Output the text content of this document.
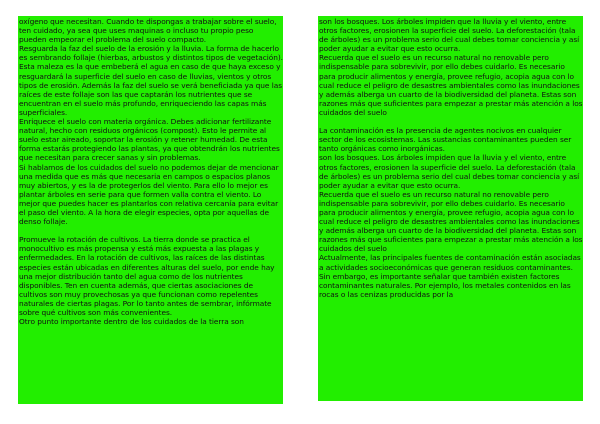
oxígeno que necesitan. Cuando te dispongas a trabajar sobre el suelo, ten cuidado, ya sea que uses maquinas o incluso tu propio peso pueden empeorar el problema del suelo compacto.

Resguarda la faz del suelo de la erosión y la lluvia. La forma de hacerlo es sembrando follaje (hierbas, arbustos y distintos tipos de vegetación). Esta maleza es la que embeberá el agua en caso de que haya exceso y resguardará la superficie del suelo en caso de lluvias, vientos y otros tipos de erosión. Además la faz del suelo se verá beneficiada ya que las raíces de este follaje son las que captarán los nutrientes que se encuentran en el suelo más profundo, enriqueciendo las capas más superficiales.

Enriquece el suelo con materia orgánica. Debes adicionar fertilizante natural, hecho con residuos orgánicos (compost). Esto le permite al suelo estar aireado, soportar la erosión y retener humedad. De esta forma estarás protegiendo las plantas, ya que obtendrán los nutrientes que necesitan para crecer sanas y sin problemas.

Si hablamos de los cuidados del suelo no podemos dejar de mencionar una medida que es más que necesaria en campos o espacios planos muy abiertos, y es la de protegerlos del viento. Para ello lo mejor es plantar árboles en serie para que formen valla contra el viento. Lo mejor que puedes hacer es plantarlos con relativa cercanía para evitar el paso del viento. A la hora de elegir especies, opta por aquellas de denso follaje.

Promueve la rotación de cultivos. La tierra donde se practica el monocultivo es más propensa y está más expuesta a las plagas y enfermedades. En la rotación de cultivos, las raíces de las distintas especies están ubicadas en diferentes alturas del suelo, por ende hay una mejor distribución tanto del agua como de los nutrientes disponibles. Ten en cuenta además, que ciertas asociaciones de cultivos son muy provechosas ya que funcionan como repelentes naturales de ciertas plagas. Por lo tanto antes de sembrar, infórmate sobre qué cultivos son más convenientes.

Otro punto importante dentro de los cuidados de la tierra son

son los bosques. Los árboles impiden que la lluvia y el viento, entre otros factores, erosionen la superficie del suelo. La deforestación (tala de árboles) es un problema serio del cual debes tomar conciencia y así poder ayudar a evitar que esto ocurra.

Recuerda que el suelo es un recurso natural no renovable pero indispensable para sobrevivir, por ello debes cuidarlo. Es necesario para producir alimentos y energía, provee refugio, acopia agua con lo cual reduce el peligro de desastres ambientales como las inundaciones y además alberga un cuarto de la biodiversidad del planeta. Estas son razones más que suficientes para empezar a prestar más atención a los cuidados del suelo

La contaminación es la presencia de agentes nocivos en cualquier sector de los ecosistemas. Las sustancias contaminantes pueden ser tanto orgánicas como inorgánicas.

son los bosques. Los árboles impiden que la lluvia y el viento, entre otros factores, erosionen la superficie del suelo. La deforestación (tala de árboles) es un problema serio del cual debes tomar conciencia y así poder ayudar a evitar que esto ocurra.

Recuerda que el suelo es un recurso natural no renovable pero indispensable para sobrevivir, por ello debes cuidarlo. Es necesario para producir alimentos y energía, provee refugio, acopia agua con lo cual reduce el peligro de desastres ambientales como las inundaciones y además alberga un cuarto de la biodiversidad del planeta. Estas son razones más que suficientes para empezar a prestar más atención a los cuidados del suelo

Actualmente, las principales fuentes de contaminación están asociadas a actividades socioeconómicas que generan residuos contaminantes. Sin embargo, es importante señalar que también existen factores contaminantes naturales. Por ejemplo, los metales contenidos en las rocas o las cenizas producidas por la
